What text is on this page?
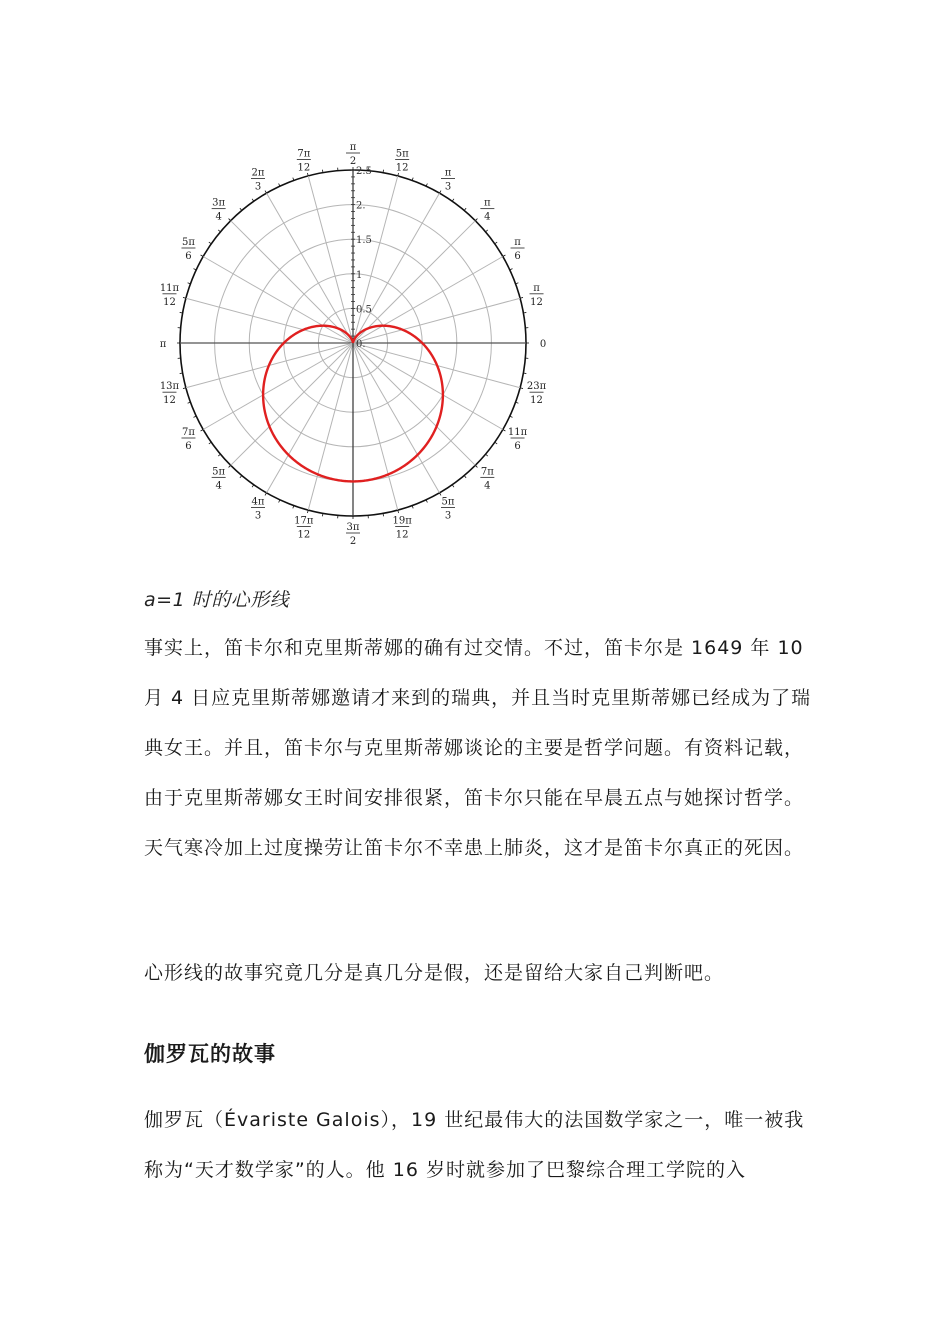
0.
0.5
1
1.5
2.
2.5
0
π
12
π
6
π
4
π
3
5π
12
π
2
7π
12
2π
3
3π
4
5π
6
11π
12
π
13π
12
7π
6
5π
4
4π
3	17π
12
3π
2
19π
12
5π
3
7π
4
11π
6
23π
12
a=1 时的心形线

事实上，笛卡尔和克里斯蒂娜的确有过交情。不过，笛卡尔是 1649 年 10 月 4 日应克里斯蒂娜邀请才来到的瑞典，并且当时克里斯蒂娜已经成为了瑞典女王。并且，笛卡尔与克里斯蒂娜谈论的主要是哲学问题。有资料记载，由于克里斯蒂娜女王时间安排很紧，笛卡尔只能在早晨五点与她探讨哲学。天气寒冷加上过度操劳让笛卡尔不幸患上肺炎，这才是笛卡尔真正的死因。

心形线的故事究竟几分是真几分是假，还是留给大家自己判断吧。

伽罗瓦的故事

伽罗瓦（Évariste Galois），19 世纪最伟大的法国数学家之一，唯一被我称为“天才数学家”的人。他 16 岁时就参加了巴黎综合理工学院的入
